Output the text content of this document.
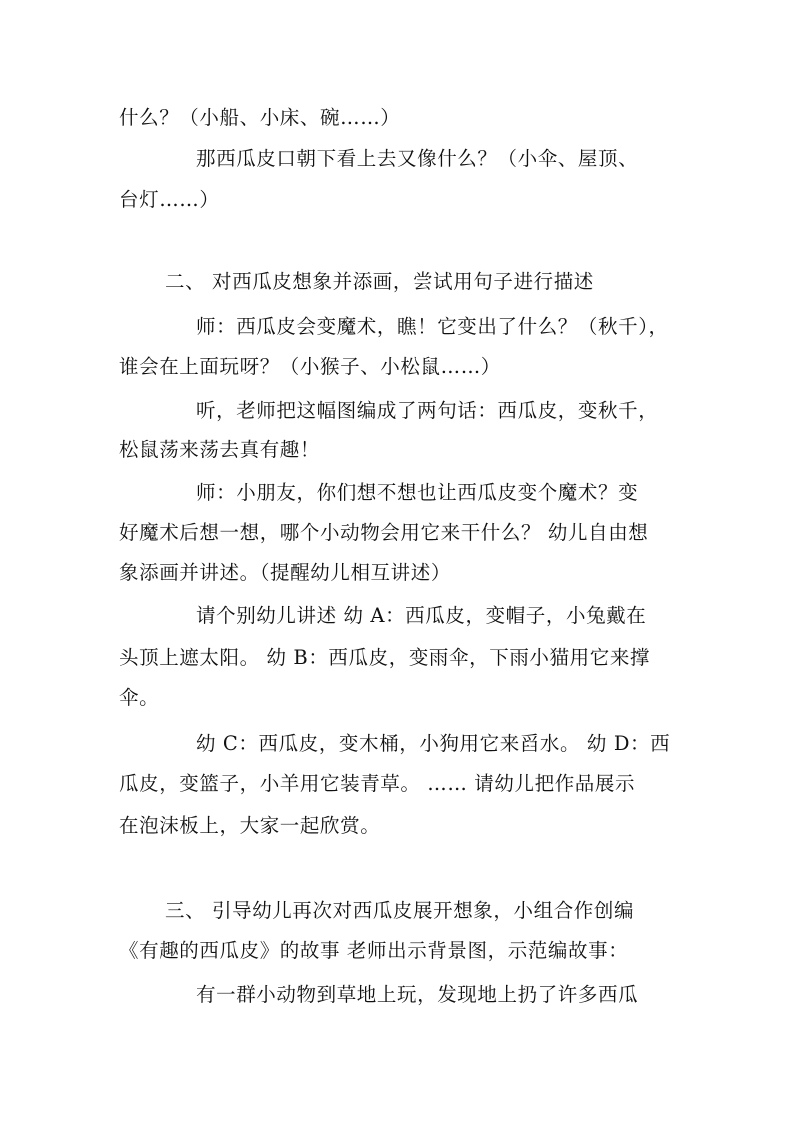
什么？（小船、小床、碗……）
那西瓜皮口朝下看上去又像什么？（小伞、屋顶、
台灯……）
二、 对西瓜皮想象并添画，尝试用句子进行描述
师：西瓜皮会变魔术，瞧！它变出了什么？（秋千），
谁会在上面玩呀？（小猴子、小松鼠……）
听，老师把这幅图编成了两句话：西瓜皮，变秋千，
松鼠荡来荡去真有趣！
师：小朋友，你们想不想也让西瓜皮变个魔术？变
好魔术后想一想，哪个小动物会用它来干什么？ 幼儿自由想
象添画并讲述。（提醒幼儿相互讲述）
请个别幼儿讲述 幼 A：西瓜皮，变帽子，小兔戴在
头顶上遮太阳。 幼 B：西瓜皮，变雨伞，下雨小猫用它来撑
伞。
幼 C：西瓜皮，变木桶，小狗用它来舀水。 幼 D：西
瓜皮，变篮子，小羊用它装青草。 …… 请幼儿把作品展示
在泡沫板上，大家一起欣赏。
三、 引导幼儿再次对西瓜皮展开想象，小组合作创编
《有趣的西瓜皮》的故事 老师出示背景图，示范编故事：
有一群小动物到草地上玩，发现地上扔了许多西瓜
